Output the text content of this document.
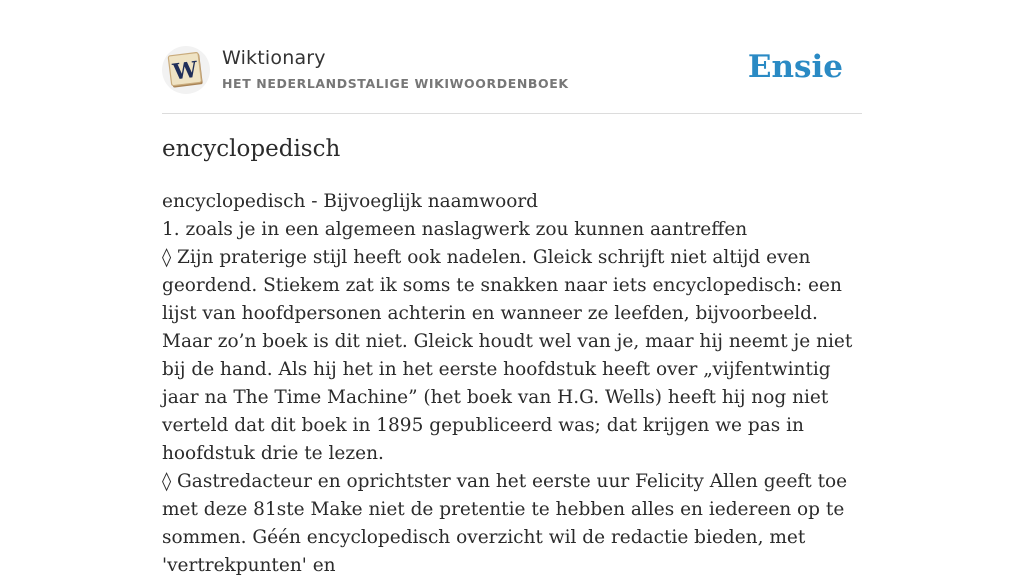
W Wiktionary
HET NEDERLANDSTALIGE WIKIWOORDENBOEK	Ensie
encyclopedisch
encyclopedisch - Bijvoeglijk naamwoord
1. zoals je in een algemeen naslagwerk zou kunnen aantreffen
◊ Zijn praterige stijl heeft ook nadelen. Gleick schrijft niet altijd even geordend. Stiekem zat ik soms te snakken naar iets encyclopedisch: een lijst van hoofdpersonen achterin en wanneer ze leefden, bijvoorbeeld. Maar zo’n boek is dit niet. Gleick houdt wel van je, maar hij neemt je niet bij de hand. Als hij het in het eerste hoofdstuk heeft over „vijfentwintig jaar na The Time Machine” (het boek van H.G. Wells) heeft hij nog niet verteld dat dit boek in 1895 gepubliceerd was; dat krijgen we pas in hoofdstuk drie te lezen.
◊ Gastredacteur en oprichtster van het eerste uur Felicity Allen geeft toe met deze 81ste Make niet de pretentie te hebben alles en iedereen op te sommen. Géén encyclopedisch overzicht wil de redactie bieden, met 'vertrekpunten' en
